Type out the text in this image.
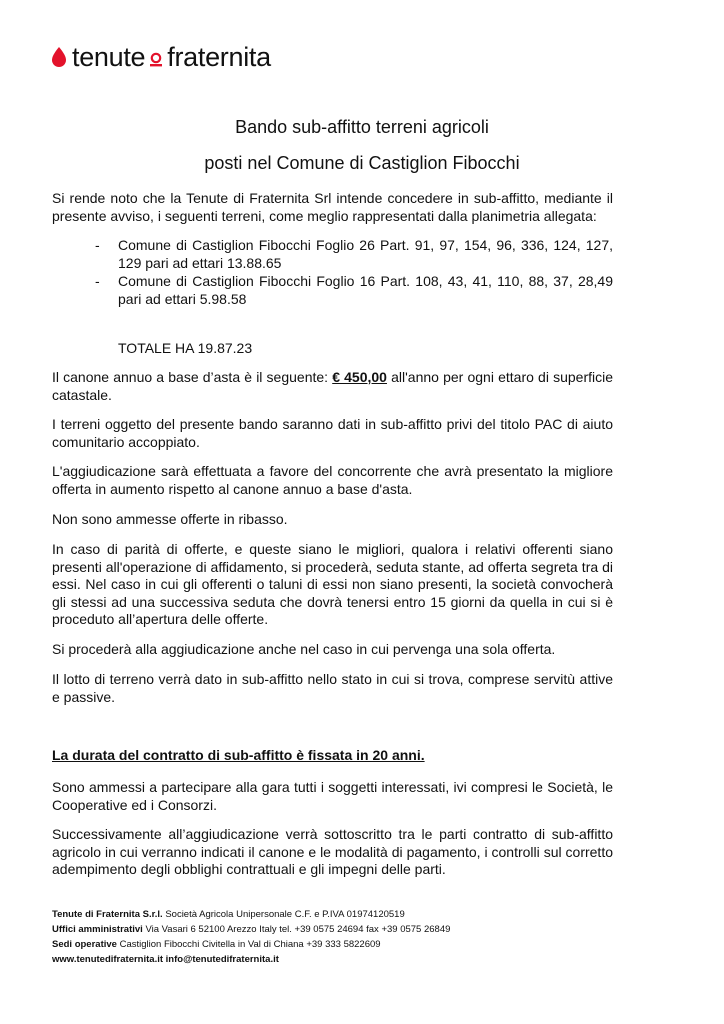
tenute fraternita
Bando sub-affitto terreni agricoli
posti nel Comune di Castiglion Fibocchi

Si rende noto che la Tenute di Fraternita Srl intende concedere in sub-affitto, mediante il presente avviso, i seguenti terreni, come meglio rappresentati dalla planimetria allegata:

- Comune di Castiglion Fibocchi Foglio 26 Part. 91, 97, 154, 96, 336, 124, 127, 129 pari ad ettari 13.88.65
- Comune di Castiglion Fibocchi Foglio 16 Part. 108, 43, 41, 110, 88, 37, 28,49 pari ad ettari 5.98.58
TOTALE HA 19.87.23

Il canone annuo a base d’asta è il seguente: € 450,00 all'anno per ogni ettaro di superficie catastale.

I terreni oggetto del presente bando saranno dati in sub-affitto privi del titolo PAC di aiuto comunitario accoppiato.

L'aggiudicazione sarà effettuata a favore del concorrente che avrà presentato la migliore offerta in aumento rispetto al canone annuo a base d'asta.

Non sono ammesse offerte in ribasso.

In caso di parità di offerte, e queste siano le migliori, qualora i relativi offerenti siano presenti all'operazione di affidamento, si procederà, seduta stante, ad offerta segreta tra di essi. Nel caso in cui gli offerenti o taluni di essi non siano presenti, la società convocherà gli stessi ad una successiva seduta che dovrà tenersi entro 15 giorni da quella in cui si è proceduto all’apertura delle offerte.

Si procederà alla aggiudicazione anche nel caso in cui pervenga una sola offerta.

Il lotto di terreno verrà dato in sub-affitto nello stato in cui si trova, comprese servitù attive e passive.

La durata del contratto di sub-affitto è fissata in 20 anni.

Sono ammessi a partecipare alla gara tutti i soggetti interessati, ivi compresi le Società, le Cooperative ed i Consorzi.

Successivamente all’aggiudicazione verrà sottoscritto tra le parti contratto di sub-affitto agricolo in cui verranno indicati il canone e le modalità di pagamento, i controlli sul corretto adempimento degli obblighi contrattuali e gli impegni delle parti.

Tenute di Fraternita S.r.l. Società Agricola Unipersonale C.F. e P.IVA 01974120519
Uffici amministrativi Via Vasari 6 52100 Arezzo Italy tel. +39 0575 24694 fax +39 0575 26849
Sedi operative Castiglion Fibocchi Civitella in Val di Chiana +39 333 5822609
www.tenutedifraternita.it info@tenutedifraternita.it
